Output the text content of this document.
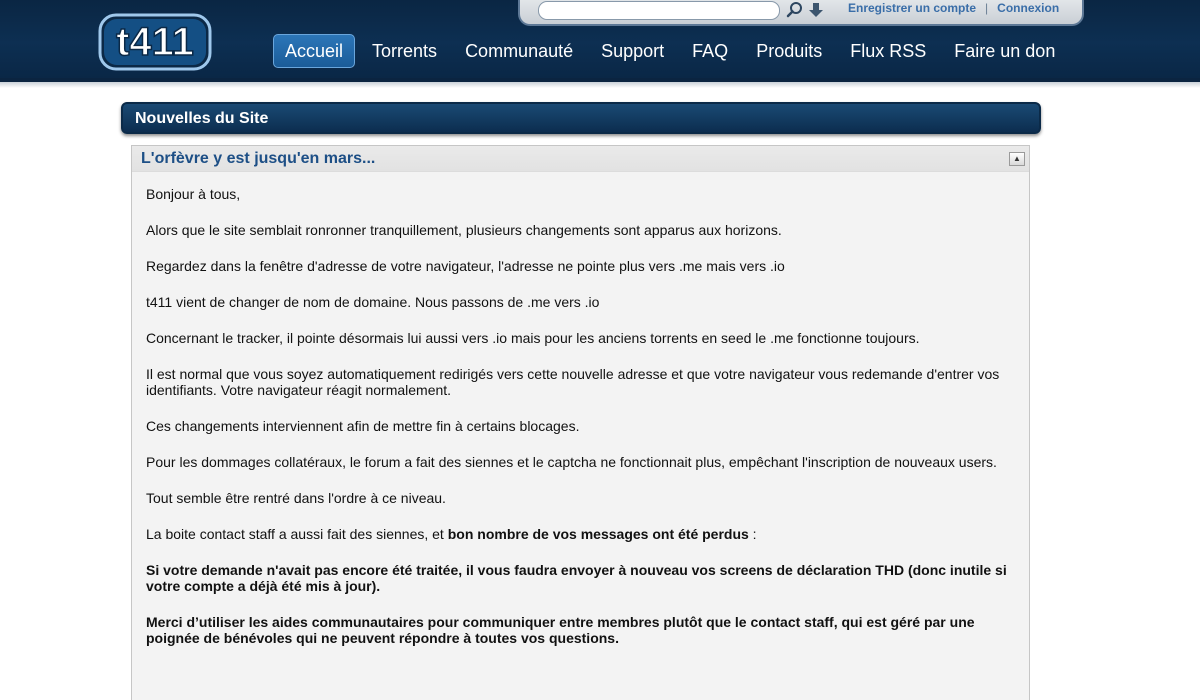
t411
Enregistrer un compte | Connexion
Accueil	Torrents	Communauté	Support	FAQ	Produits	Flux RSS	Faire un don
Nouvelles du Site
L'orfèvre y est jusqu'en mars...	▲

Bonjour à tous,

Alors que le site semblait ronronner tranquillement, plusieurs changements sont apparus aux horizons.

Regardez dans la fenêtre d'adresse de votre navigateur, l'adresse ne pointe plus vers .me mais vers .io

t411 vient de changer de nom de domaine. Nous passons de .me vers .io

Concernant le tracker, il pointe désormais lui aussi vers .io mais pour les anciens torrents en seed le .me fonctionne toujours.

Il est normal que vous soyez automatiquement redirigés vers cette nouvelle adresse et que votre navigateur vous redemande d'entrer vos identifiants. Votre navigateur réagit normalement.

Ces changements interviennent afin de mettre fin à certains blocages.

Pour les dommages collatéraux, le forum a fait des siennes et le captcha ne fonctionnait plus, empêchant l'inscription de nouveaux users.

Tout semble être rentré dans l'ordre à ce niveau.

La boite contact staff a aussi fait des siennes, et bon nombre de vos messages ont été perdus :

Si votre demande n'avait pas encore été traitée, il vous faudra envoyer à nouveau vos screens de déclaration THD (donc inutile si votre compte a déjà été mis à jour).

Merci d’utiliser les aides communautaires pour communiquer entre membres plutôt que le contact staff, qui est géré par une poignée de bénévoles qui ne peuvent répondre à toutes vos questions.
